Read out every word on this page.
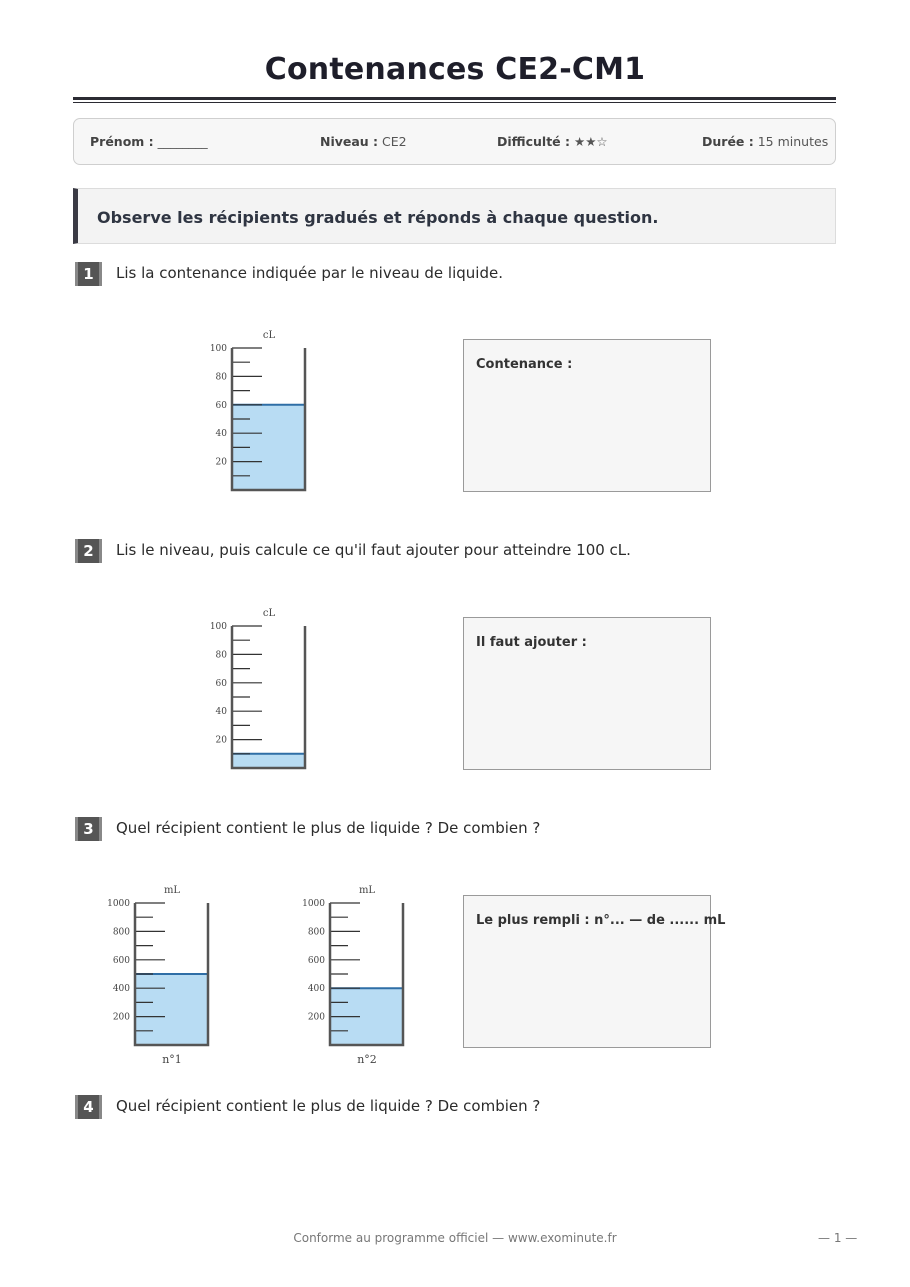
Contenances CE2-CM1
Prénom : ________	Niveau : CE2	Difficulté : ★★☆	Durée : 15 minutes
Observe les récipients gradués et réponds à chaque question.
1	Lis la contenance indiquée par le niveau de liquide.
100
80
60
40
20
cL
Contenance :
2	Lis le niveau, puis calcule ce qu'il faut ajouter pour atteindre 100 cL.
100
80
60
40
20
cL
Il faut ajouter :
3	Quel récipient contient le plus de liquide ? De combien ?
1000
800
600
400
200
mL
n°1
1000
800
600
400
200
mL
n°2
Le plus rempli : n°... — de ...... mL
4	Quel récipient contient le plus de liquide ? De combien ?
Conforme au programme officiel — www.exominute.fr	— 1 —
